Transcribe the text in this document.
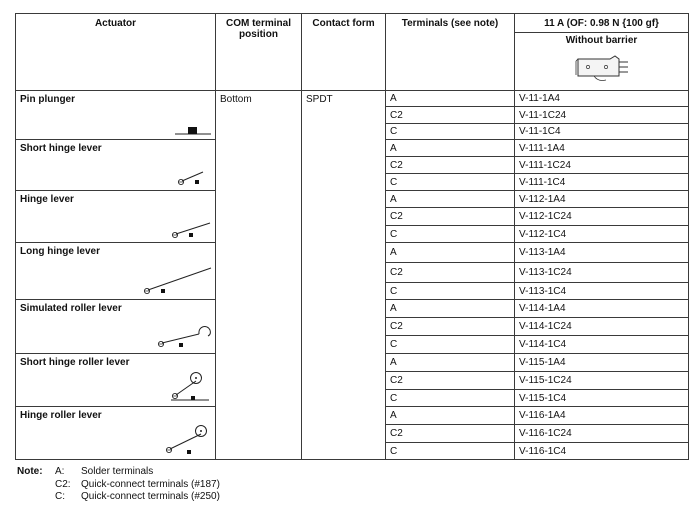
Actuator	COM terminal position	Contact form	Terminals (see note)	11 A (OF: 0.98 N {100 gf}

				Without barrier

Pin plunger	Bottom	SPDT	A	V-11-1A4
			C2	V-11-1C24
			C	V-11-1C4

Short hinge lever			A	V-111-1A4
			C2	V-111-1C24
			C	V-111-1C4

Hinge lever			A	V-112-1A4
			C2	V-112-1C24
			C	V-112-1C4

Long hinge lever			A	V-113-1A4
			C2	V-113-1C24
			C	V-113-1C4

Simulated roller lever			A	V-114-1A4
			C2	V-114-1C24
			C	V-114-1C4

Short hinge roller lever			A	V-115-1A4
			C2	V-115-1C24
			C	V-115-1C4

Hinge roller lever			A	V-116-1A4
			C2	V-116-1C24
			C	V-116-1C4
Note: A: Solder terminals
C2: Quick-connect terminals (#187)
C: Quick-connect terminals (#250)
